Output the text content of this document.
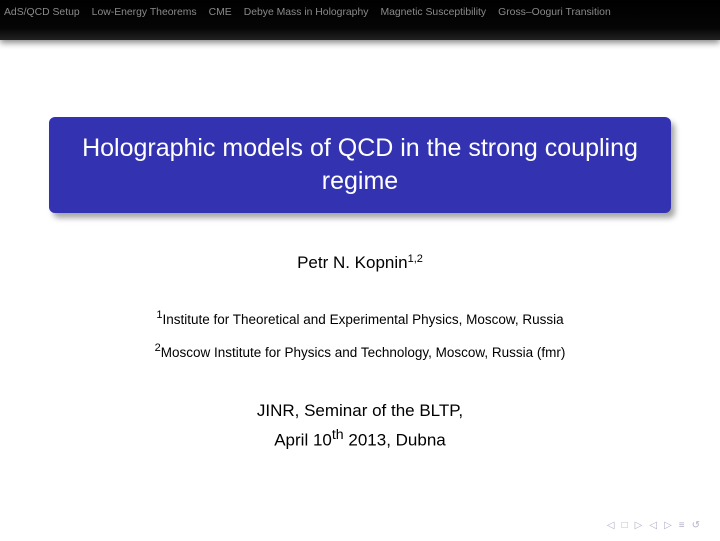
AdS/QCD Setup Low-Energy Theorems CME Debye Mass in Holography Magnetic Susceptibility Gross–Ooguri Transition
Holographic models of QCD in the strong coupling regime
Petr N. Kopnin$^{1,2}$
$^1$Institute for Theoretical and Experimental Physics, Moscow, Russia
$^2$Moscow Institute for Physics and Technology, Moscow, Russia (fmr)
JINR, Seminar of the BLTP,
April 10th 2013, Dubna
◁ □ ▷ ◁ ▷ ≡ ↺
